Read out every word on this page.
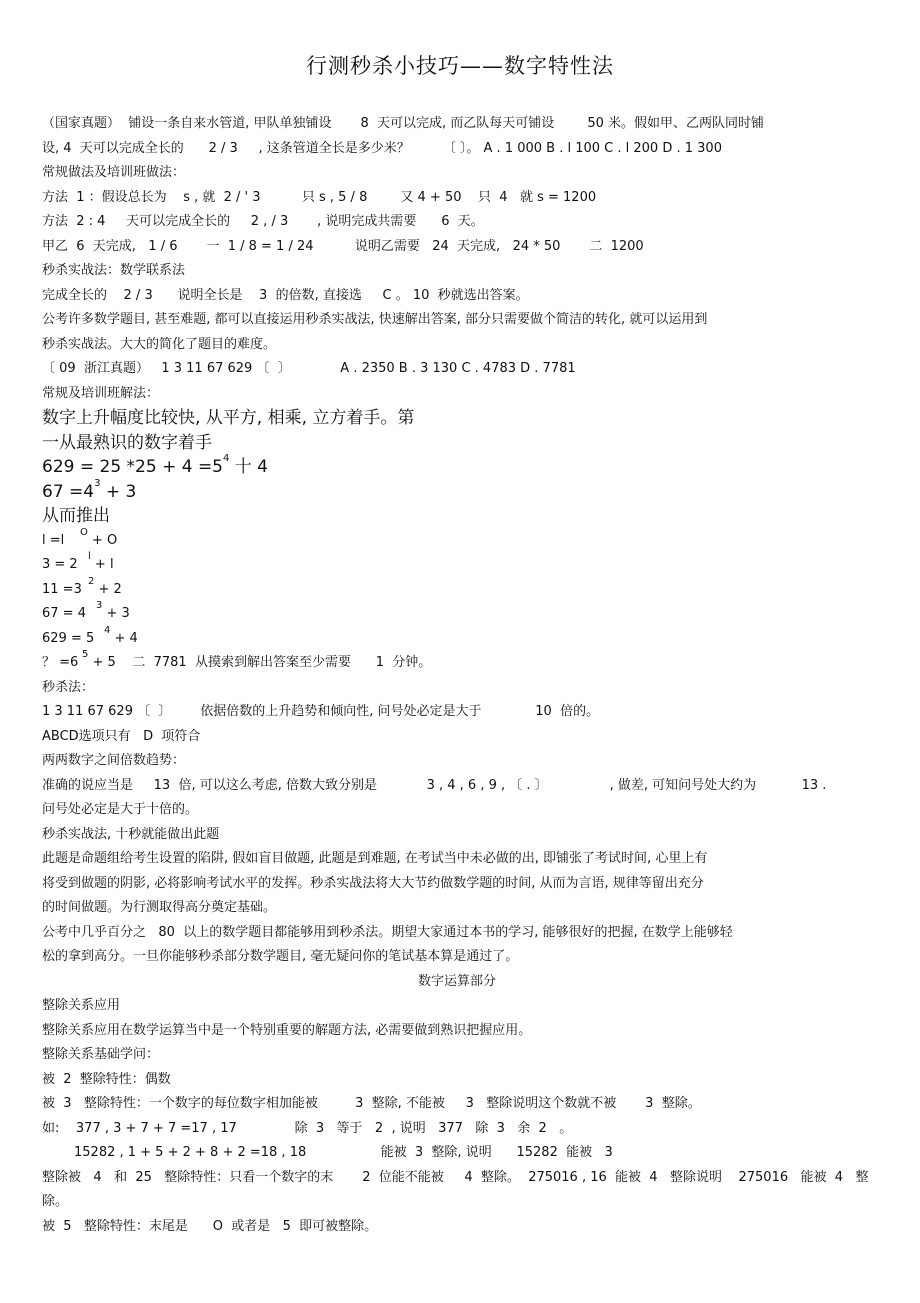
行测秒杀小技巧——数字特性法
（国家真题）  铺设一条自来水管道, 甲队单独铺设       8  天可以完成, 而乙队每天可铺设        50 米。假如甲、乙两队同时铺
设, 4  天可以完成全长的      2 / 3     , 这条管道全长是多少米？        〔 〕。 A . 1 000 B . l 100 C . l 200 D . 1 300
常规做法及培训班做法：
方法  1 ：假设总长为    s , 就  2 / ' 3          只 s , 5 / 8        又 4 + 50    只  4   就 s = 1200
方法  2 : 4     天可以完成全长的     2 , / 3       , 说明完成共需要      6  天。
甲乙  6  天完成,   1 / 6       一  1 / 8 = 1 / 24          说明乙需要   24  天完成,   24 * 50       二  1200
秒杀实战法：数学联系法
完成全长的    2 / 3      说明全长是    3  的倍数, 直接选     C 。 10  秒就选出答案。
公考许多数学题目, 甚至难题, 都可以直接运用秒杀实战法, 快速解出答案, 部分只需要做个简洁的转化, 就可以运用到
秒杀实战法。大大的简化了题目的难度。
〔 09  浙江真题）   1 3 11 67 629 〔  〕            A . 2350 B . 3 130 C . 4783 D . 7781
常规及培训班解法：
数字上升幅度比较快, 从平方, 相乘, 立方着手。第
一从最熟识的数字着手
629 = 25 $*25 + 4 =5^4$ 十 4
$67 =4^3 + 3$
从而推出
$l =l^O + O$
$3 = 2^l + l$
$11 =3^2 + 2$
$67 = 4^3 + 3$
$629 = 5^4 + 4$
？ $=6^5 + 5$    二  7781  从摸索到解出答案至少需要      1  分钟。
秒杀法：
1 3 11 67 629 〔  〕       依据倍数的上升趋势和倾向性, 问号处必定是大于             10  倍的。
ABCD选项只有   D  项符合
两两数字之间倍数趋势：
准确的说应当是     13  倍, 可以这么考虑, 倍数大致分别是            3 , 4 , 6 , 9 , 〔 . 〕               , 做差, 可知问号处大约为           13 .
问号处必定是大于十倍的。
秒杀实战法, 十秒就能做出此题
此题是命题组给考生设置的陷阱, 假如盲目做题, 此题是到难题, 在考试当中未必做的出, 即铺张了考试时间, 心里上有
将受到做题的阴影, 必将影响考试水平的发挥。秒杀实战法将大大节约做数学题的时间, 从而为言语, 规律等留出充分
的时间做题。为行测取得高分奠定基础。
公考中几乎百分之   80  以上的数学题目都能够用到秒杀法。期望大家通过本书的学习, 能够很好的把握, 在数学上能够轻
松的拿到高分。一旦你能够秒杀部分数学题目, 毫无疑问你的笔试基本算是通过了。
数字运算部分
整除关系应用
整除关系应用在数学运算当中是一个特别重要的解题方法, 必需要做到熟识把握应用。
整除关系基础学问：
被  2  整除特性：偶数
被  3   整除特性：一个数字的每位数字相加能被         3  整除, 不能被     3   整除说明这个数就不被       3  整除。
如:    377 , 3 + 7 + 7 =17 , 17              除  3   等于   2  , 说明   377   除  3   余  2   。
15282 , 1 + 5 + 2 + 8 + 2 =18 , 18                  能被  3  整除, 说明      15282  能被   3
整除被   4   和  25   整除特性：只看一个数字的末       2  位能不能被     4  整除。  275016 , 16  能被  4   整除说明    275016   能被  4   整
除。
被  5   整除特性：末尾是      O  或者是   5  即可被整除。
